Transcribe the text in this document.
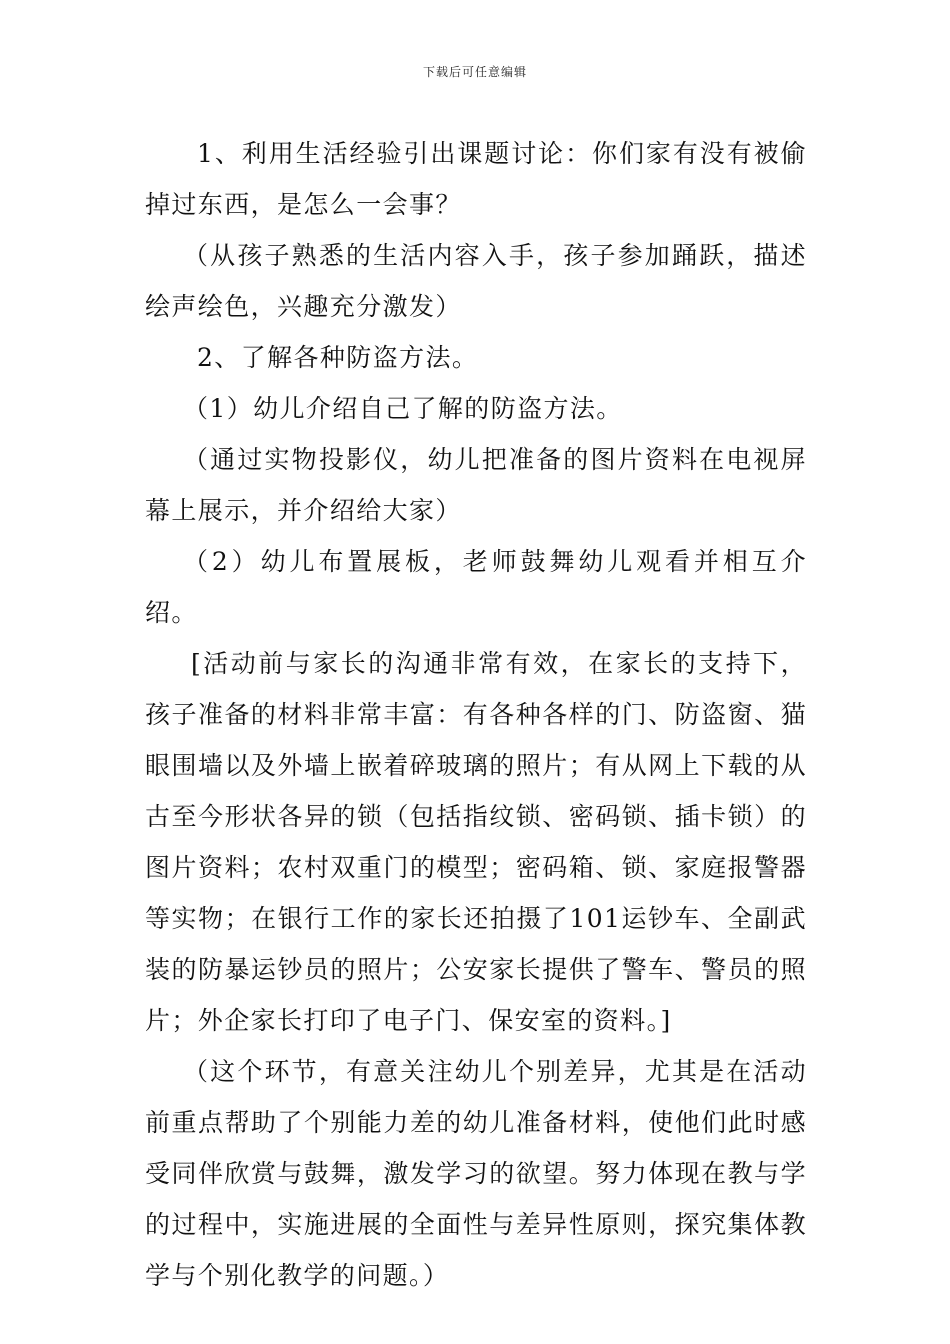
下载后可任意编辑

1、利用生活经验引出课题讨论：你们家有没有被偷掉过东西，是怎么一会事？

（从孩子熟悉的生活内容入手，孩子参加踊跃，描述绘声绘色，兴趣充分激发）

2、了解各种防盗方法。

（1）幼儿介绍自己了解的防盗方法。

（通过实物投影仪，幼儿把准备的图片资料在电视屏幕上展示，并介绍给大家）

（2）幼儿布置展板，老师鼓舞幼儿观看并相互介绍。

[活动前与家长的沟通非常有效，在家长的支持下，孩子准备的材料非常丰富：有各种各样的门、防盗窗、猫眼围墙以及外墙上嵌着碎玻璃的照片；有从网上下载的从古至今形状各异的锁（包括指纹锁、密码锁、插卡锁）的图片资料；农村双重门的模型；密码箱、锁、家庭报警器等实物；在银行工作的家长还拍摄了101运钞车、全副武装的防暴运钞员的照片；公安家长提供了警车、警员的照片；外企家长打印了电子门、保安室的资料。]

（这个环节，有意关注幼儿个别差异，尤其是在活动前重点帮助了个别能力差的幼儿准备材料，使他们此时感受同伴欣赏与鼓舞，激发学习的欲望。努力体现在教与学的过程中，实施进展的全面性与差异性原则，探究集体教学与个别化教学的问题。）
